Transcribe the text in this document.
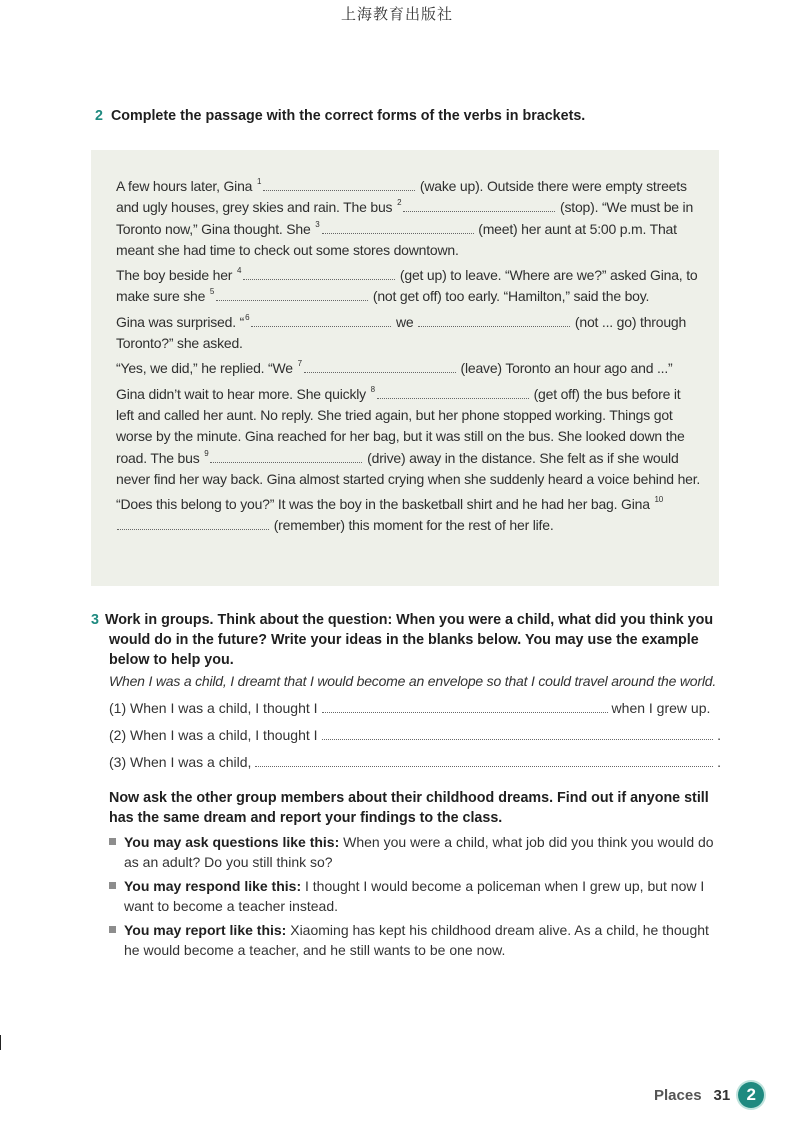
上海教育出版社
2 Complete the passage with the correct forms of the verbs in brackets.

A few hours later, Gina $^1$	(wake up). Outside there were empty streets and ugly houses, grey skies and rain. The bus $^2$	(stop). “We must be in Toronto now,” Gina thought. She $^3$	(meet) her aunt at 5:00 p.m. That meant she had time to check out some stores downtown.

The boy beside her $^4$	(get up) to leave. “Where are we?” asked Gina, to make sure she $^5$	(not get off) too early. “Hamilton,” said the boy.

Gina was surprised. “$^6$	we	(not ... go) through Toronto?” she asked.

“Yes, we did,” he replied. “We $^7$	(leave) Toronto an hour ago and ...”

Gina didn’t wait to hear more. She quickly $^8$	(get off) the bus before it left and called her aunt. No reply. She tried again, but her phone stopped working. Things got worse by the minute. Gina reached for her bag, but it was still on the bus. She looked down the road. The bus $^9$	(drive) away in the distance. She felt as if she would never find her way back. Gina almost started crying when she suddenly heard a voice behind her.

“Does this belong to you?” It was the boy in the basketball shirt and he had her bag. Gina $^{10}$ (remember) this moment for the rest of her life.

3 Work in groups. Think about the question: When you were a child, what did you think you would do in the future? Write your ideas in the blanks below. You may use the example below to help you.
When I was a child, I dreamt that I would become an envelope so that I could travel around the world.
(1) When I was a child, I thought I	when I grew up.
(2) When I was a child, I thought I	.
(3) When I was a child,	.
Now ask the other group members about their childhood dreams. Find out if anyone still has the same dream and report your findings to the class.
You may ask questions like this: When you were a child, what job did you think you would do as an adult? Do you still think so?
You may respond like this: I thought I would become a policeman when I grew up, but now I want to become a teacher instead.
You may report like this: Xiaoming has kept his childhood dream alive. As a child, he thought he would become a teacher, and he still wants to be one now.
Places 31 2
